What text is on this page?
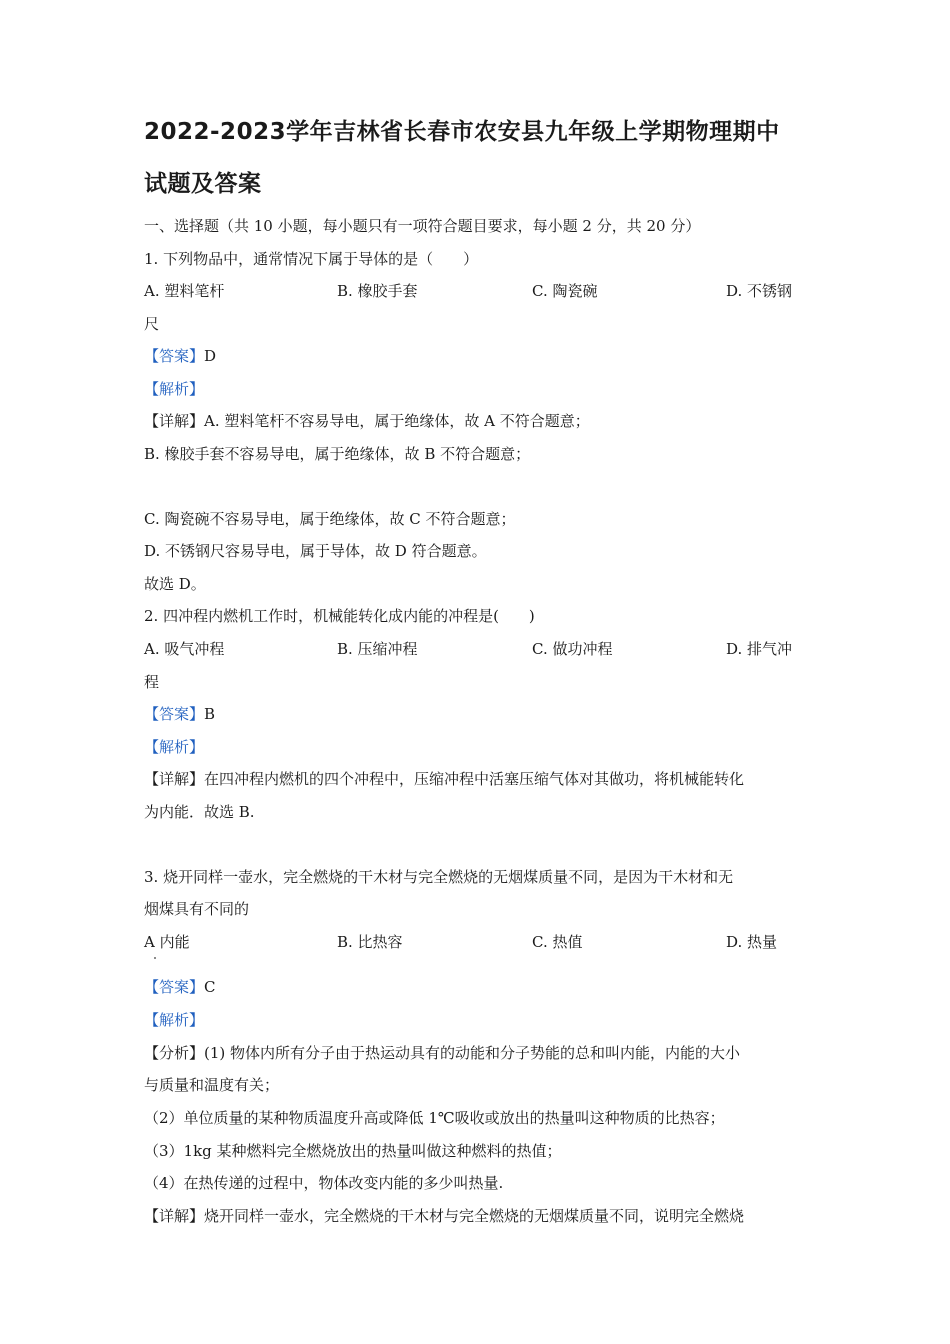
2022-2023学年吉林省长春市农安县九年级上学期物理期中
试题及答案
一、选择题（共 10 小题，每小题只有一项符合题目要求，每小题 2 分，共 20 分）
1. 下列物品中，通常情况下属于导体的是（　　）
A. 塑料笔杆	B. 橡胶手套	C. 陶瓷碗	D. 不锈钢
尺
【答案】D
【解析】
【详解】A. 塑料笔杆不容易导电，属于绝缘体，故 A 不符合题意；
B. 橡胶手套不容易导电，属于绝缘体，故 B 不符合题意；
C. 陶瓷碗不容易导电，属于绝缘体，故 C 不符合题意；
D. 不锈钢尺容易导电，属于导体，故 D 符合题意。
故选 D。
2. 四冲程内燃机工作时，机械能转化成内能的冲程是(　　)
A. 吸气冲程	B. 压缩冲程	C. 做功冲程	D. 排气冲
程
【答案】B
【解析】
【详解】在四冲程内燃机的四个冲程中，压缩冲程中活塞压缩气体对其做功，将机械能转化
为内能．故选 B.
3. 烧开同样一壶水，完全燃烧的干木材与完全燃烧的无烟煤质量不同，是因为干木材和无
烟煤具有不同的
A 内能	B. 比热容	C. 热值	D. 热量
【答案】C
【解析】
【分析】(1) 物体内所有分子由于热运动具有的动能和分子势能的总和叫内能，内能的大小
与质量和温度有关；
（2）单位质量的某种物质温度升高或降低 1℃吸收或放出的热量叫这种物质的比热容；
（3）1kg 某种燃料完全燃烧放出的热量叫做这种燃料的热值；
（4）在热传递的过程中，物体改变内能的多少叫热量.
【详解】烧开同样一壶水，完全燃烧的干木材与完全燃烧的无烟煤质量不同，说明完全燃烧
